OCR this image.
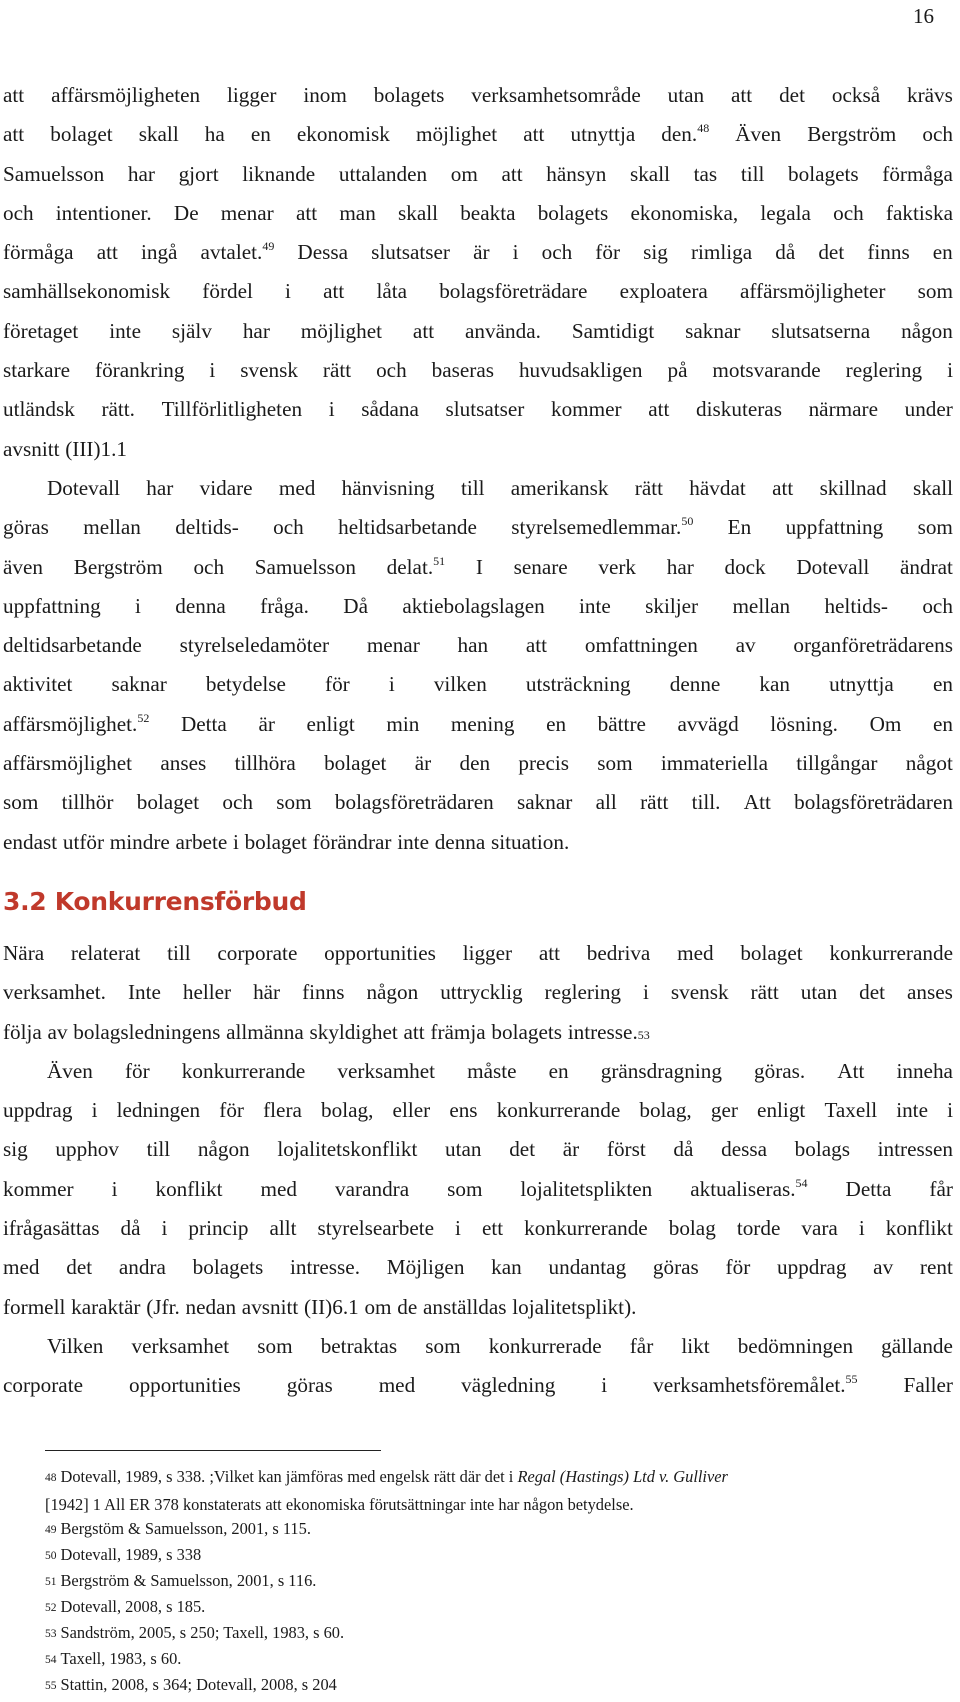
16
att affärsmöjligheten ligger inom bolagets verksamhetsområde utan att det också krävs
att bolaget skall ha en ekonomisk möjlighet att utnyttja den.$^{48}$ Även Bergström och
Samuelsson har gjort liknande uttalanden om att hänsyn skall tas till bolagets förmåga
och intentioner. De menar att man skall beakta bolagets ekonomiska, legala och faktiska
förmåga att ingå avtalet.$^{49}$ Dessa slutsatser är i och för sig rimliga då det finns en
samhällsekonomisk fördel i att låta bolagsföreträdare exploatera affärsmöjligheter som
företaget inte själv har möjlighet att använda. Samtidigt saknar slutsatserna någon
starkare förankring i svensk rätt och baseras huvudsakligen på motsvarande reglering i
utländsk rätt. Tillförlitligheten i sådana slutsatser kommer att diskuteras närmare under
avsnitt (III)1.1
Dotevall har vidare med hänvisning till amerikansk rätt hävdat att skillnad skall
göras mellan deltids- och heltidsarbetande styrelsemedlemmar.$^{50}$ En uppfattning som
även Bergström och Samuelsson delat.$^{51}$ I senare verk har dock Dotevall ändrat
uppfattning i denna fråga. Då aktiebolagslagen inte skiljer mellan heltids- och
deltidsarbetande styrelseledamöter menar han att omfattningen av organföreträdarens
aktivitet saknar betydelse för i vilken utsträckning denne kan utnyttja en
affärsmöjlighet.$^{52}$ Detta är enligt min mening en bättre avvägd lösning. Om en
affärsmöjlighet anses tillhöra bolaget är den precis som immateriella tillgångar något
som tillhör bolaget och som bolagsföreträdaren saknar all rätt till. Att bolagsföreträdaren
endast utför mindre arbete i bolaget förändrar inte denna situation.
3.2 Konkurrensförbud
Nära relaterat till corporate opportunities ligger att bedriva med bolaget konkurrerande
verksamhet. Inte heller här finns någon uttrycklig reglering i svensk rätt utan det anses
följa av bolagsledningens allmänna skyldighet att främja bolagets intresse.53
Även för konkurrerande verksamhet måste en gränsdragning göras. Att inneha
uppdrag i ledningen för flera bolag, eller ens konkurrerande bolag, ger enligt Taxell inte i
sig upphov till någon lojalitetskonflikt utan det är först då dessa bolags intressen
kommer i konflikt med varandra som lojalitetsplikten aktualiseras.$^{54}$ Detta får
ifrågasättas då i princip allt styrelsearbete i ett konkurrerande bolag torde vara i konflikt
med det andra bolagets intresse. Möjligen kan undantag göras för uppdrag av rent
formell karaktär (Jfr. nedan avsnitt (II)6.1 om de anställdas lojalitetsplikt).
Vilken verksamhet som betraktas som konkurrerade får likt bedömningen gällande
corporate opportunities göras med vägledning i verksamhetsföremålet.$^{55}$ Faller
48 Dotevall, 1989, s 338. ;Vilket kan jämföras med engelsk rätt där det i Regal (Hastings) Ltd v. Gulliver
[1942] 1 All ER 378 konstaterats att ekonomiska förutsättningar inte har någon betydelse.
49 Bergstöm & Samuelsson, 2001, s 115.
50 Dotevall, 1989, s 338
51 Bergström & Samuelsson, 2001, s 116.
52 Dotevall, 2008, s 185.
53 Sandström, 2005, s 250; Taxell, 1983, s 60.
54 Taxell, 1983, s 60.
55 Stattin, 2008, s 364; Dotevall, 2008, s 204
